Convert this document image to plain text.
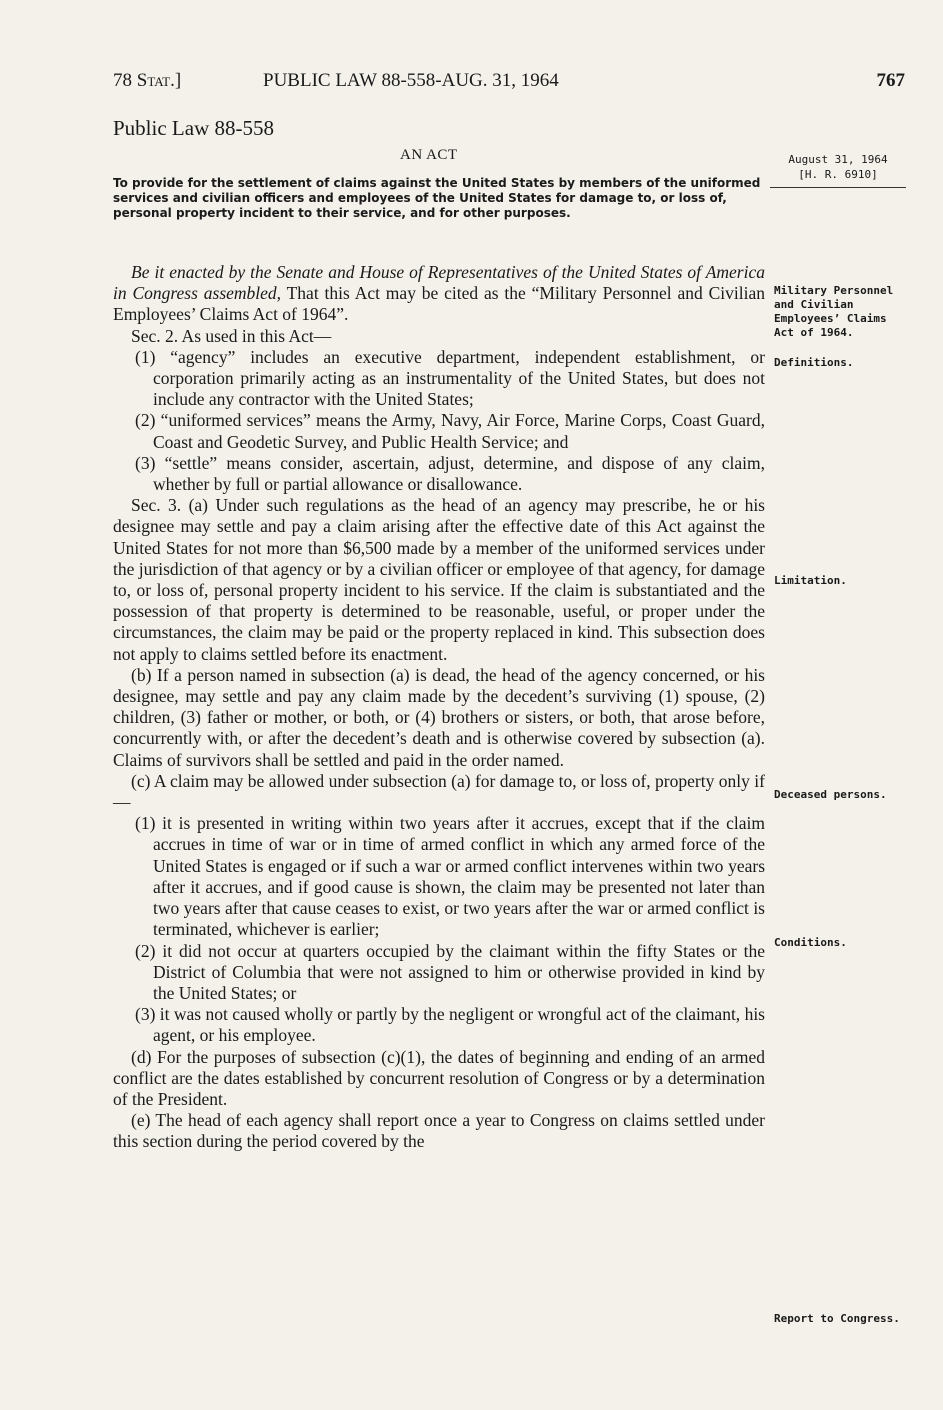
78 Stat.]	PUBLIC LAW 88-558-AUG. 31, 1964	767
Public Law 88-558
AN ACT	August 31, 1964
[H. R. 6910]
To provide for the settlement of claims against the United States by members of the uniformed services and civilian officers and employees of the United States for damage to, or loss of, personal property incident to their service, and for other purposes.

Be it enacted by the Senate and House of Representatives of the United States of America in Congress assembled, That this Act may be cited as the “Military Personnel and Civilian Employees’ Claims Act of 1964”.

Sec. 2. As used in this Act—

(1) “agency” includes an executive department, independent establishment, or corporation primarily acting as an instrumentality of the United States, but does not include any contractor with the United States;

(2) “uniformed services” means the Army, Navy, Air Force, Marine Corps, Coast Guard, Coast and Geodetic Survey, and Public Health Service; and

(3) “settle” means consider, ascertain, adjust, determine, and dispose of any claim, whether by full or partial allowance or disallowance.

Sec. 3. (a) Under such regulations as the head of an agency may prescribe, he or his designee may settle and pay a claim arising after the effective date of this Act against the United States for not more than $6,500 made by a member of the uniformed services under the jurisdiction of that agency or by a civilian officer or employee of that agency, for damage to, or loss of, personal property incident to his service. If the claim is substantiated and the possession of that property is determined to be reasonable, useful, or proper under the circumstances, the claim may be paid or the property replaced in kind. This subsection does not apply to claims settled before its enactment.

(b) If a person named in subsection (a) is dead, the head of the agency concerned, or his designee, may settle and pay any claim made by the decedent’s surviving (1) spouse, (2) children, (3) father or mother, or both, or (4) brothers or sisters, or both, that arose before, concurrently with, or after the decedent’s death and is otherwise covered by subsection (a). Claims of survivors shall be settled and paid in the order named.

(c) A claim may be allowed under subsection (a) for damage to, or loss of, property only if—

(1) it is presented in writing within two years after it accrues, except that if the claim accrues in time of war or in time of armed conflict in which any armed force of the United States is engaged or if such a war or armed conflict intervenes within two years after it accrues, and if good cause is shown, the claim may be presented not later than two years after that cause ceases to exist, or two years after the war or armed conflict is terminated, whichever is earlier;

(2) it did not occur at quarters occupied by the claimant within the fifty States or the District of Columbia that were not assigned to him or otherwise provided in kind by the United States; or

(3) it was not caused wholly or partly by the negligent or wrongful act of the claimant, his agent, or his employee.

(d) For the purposes of subsection (c)(1), the dates of beginning and ending of an armed conflict are the dates established by concurrent resolution of Congress or by a determination of the President.

(e) The head of each agency shall report once a year to Congress on claims settled under this section during the period covered by the

Military Personnel and Civilian Employees’ Claims Act of 1964.
Definitions.
Limitation.
Deceased persons.
Conditions.
Report to Congress.
